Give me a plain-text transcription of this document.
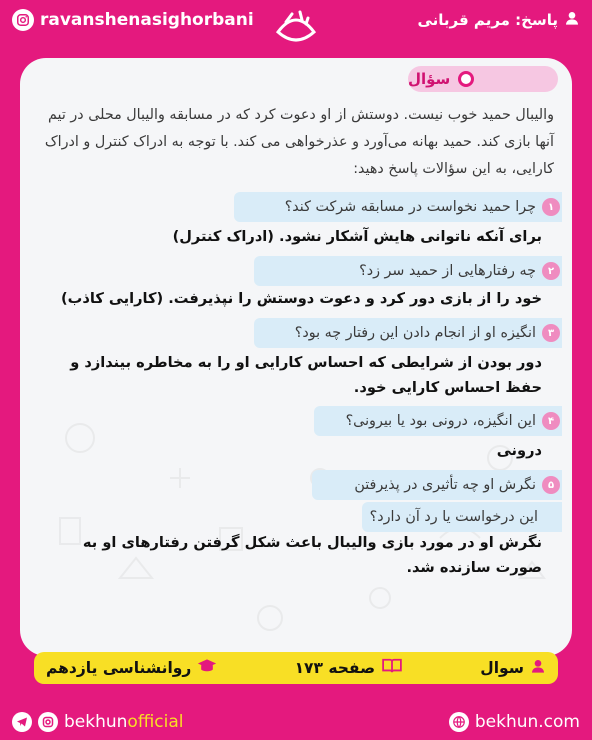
ravanshenasighorbani	پاسخ: مریم قربانی
سؤال
والیبال حمید خوب نیست. دوستش از او دعوت کرد که در مسابقه والیبال محلی در تیم آنها بازی کند. حمید بهانه می‌آورد و عذرخواهی می کند. با توجه به ادراک کنترل و ادراک کارایی، به این سؤالات پاسخ دهید:
۱
چرا حمید نخواست در مسابقه شرکت کند؟
برای آنکه ناتوانی هایش آشکار نشود. (ادراک کنترل)
۲
چه رفتارهایی از حمید سر زد؟
خود را از بازی دور کرد و دعوت دوستش را نپذیرفت. (کارایی کاذب)
۳
انگیزه او از انجام دادن این رفتار چه بود؟
دور بودن از شرایطی که احساس کارایی او را به مخاطره بیندازد و حفظ احساس کارایی خود.
۴
این انگیزه، درونی بود یا بیرونی؟
درونی
۵
نگرش او چه تأثیری در پذیرفتن
این درخواست یا رد آن دارد؟
نگرش او در مورد بازی والیبال باعث شکل گرفتن رفتارهای او به صورت سازنده شد.
سوال
صفحه ۱۷۳
روانشناسی یازدهم
bekhun official	bekhun.com
